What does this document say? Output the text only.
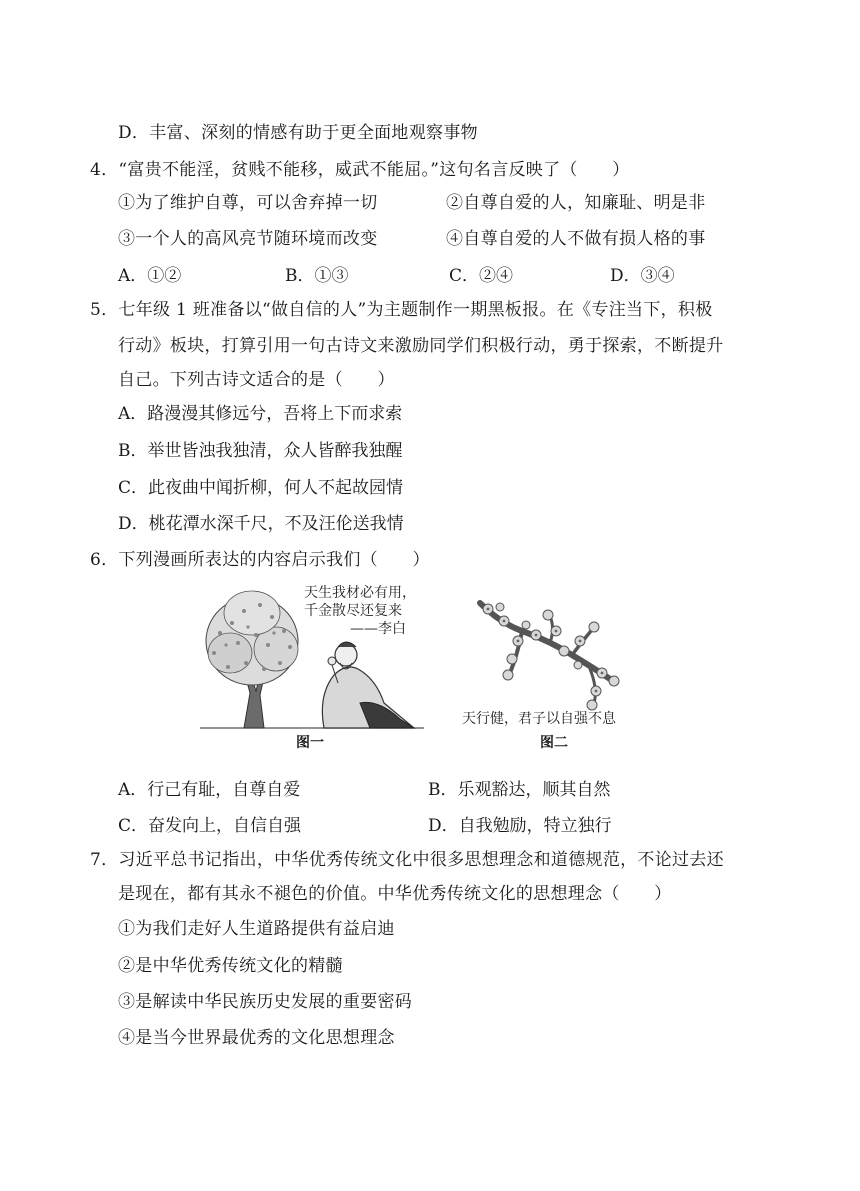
D．丰富、深刻的情感有助于更全面地观察事物
4．“富贵不能淫，贫贱不能移，威武不能屈。”这句名言反映了（　　）
①为了维护自尊，可以舍弃掉一切	②自尊自爱的人，知廉耻、明是非
③一个人的高风亮节随环境而改变	④自尊自爱的人不做有损人格的事
A．①②	B．①③	C．②④	D．③④
5．七年级 1 班准备以“做自信的人”为主题制作一期黑板报。在《专注当下，积极
行动》板块，打算引用一句古诗文来激励同学们积极行动，勇于探索，不断提升
自己。下列古诗文适合的是（　　）
A．路漫漫其修远兮，吾将上下而求索
B．举世皆浊我独清，众人皆醉我独醒
C．此夜曲中闻折柳，何人不起故园情
D．桃花潭水深千尺，不及汪伦送我情
6．下列漫画所表达的内容启示我们（　　）
天生我材必有用，
千金散尽还复来
——李白
图一
天行健，君子以自强不息
图二
A．行己有耻，自尊自爱	B．乐观豁达，顺其自然
C．奋发向上，自信自强	D．自我勉励，特立独行
7．习近平总书记指出，中华优秀传统文化中很多思想理念和道德规范，不论过去还
是现在，都有其永不褪色的价值。中华优秀传统文化的思想理念（　　）
①为我们走好人生道路提供有益启迪
②是中华优秀传统文化的精髓
③是解读中华民族历史发展的重要密码
④是当今世界最优秀的文化思想理念
